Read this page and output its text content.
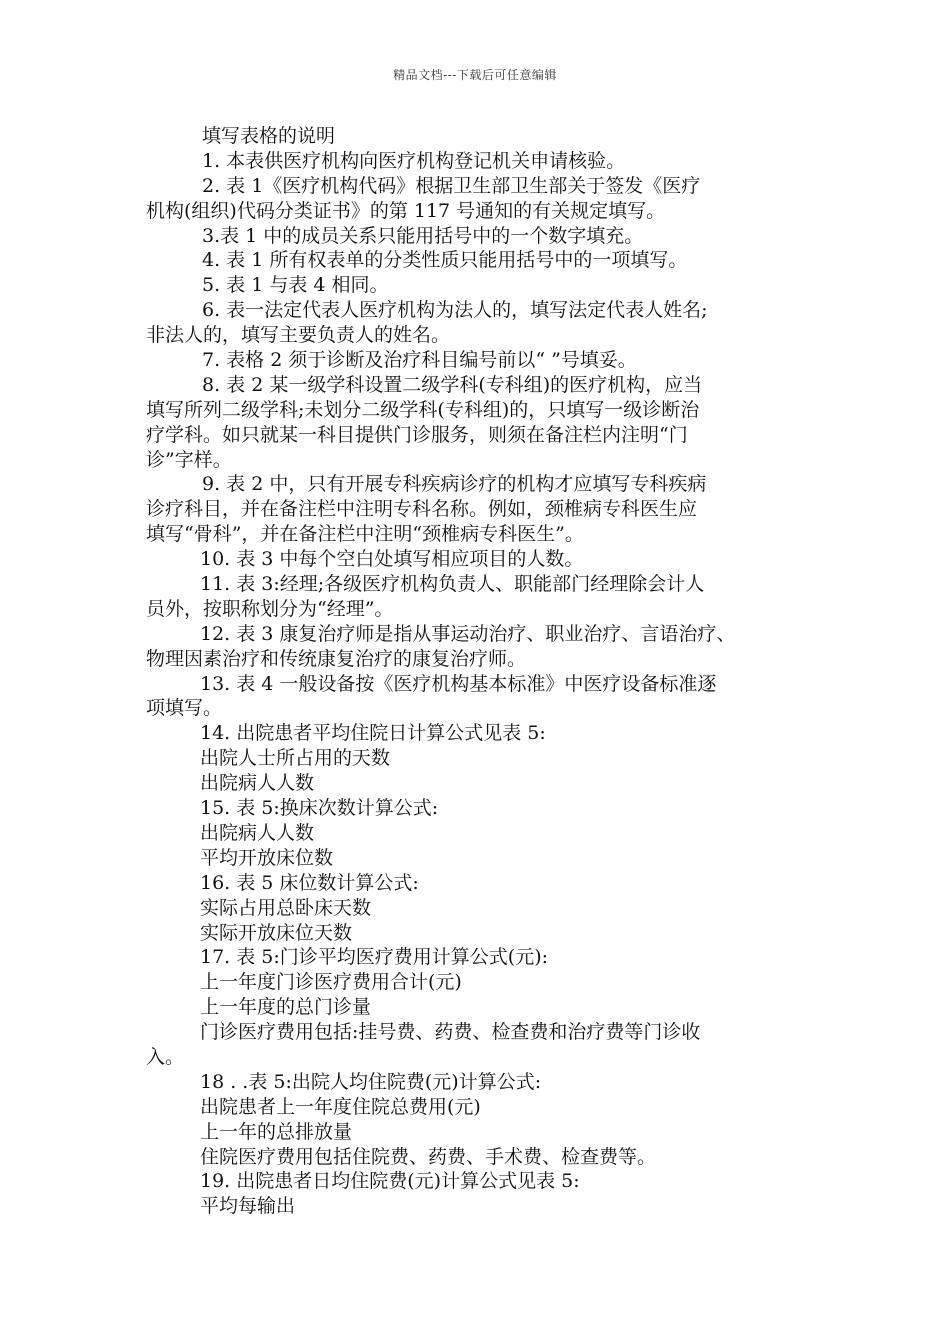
精品文档---下载后可任意编辑
填写表格的说明
1. 本表供医疗机构向医疗机构登记机关申请核验。
2. 表 1《医疗机构代码》根据卫生部卫生部关于签发《医疗
机构(组织)代码分类证书》的第 117 号通知的有关规定填写。
3.表 1 中的成员关系只能用括号中的一个数字填充。
4. 表 1 所有权表单的分类性质只能用括号中的一项填写。
5. 表 1 与表 4 相同。
6. 表一法定代表人医疗机构为法人的，填写法定代表人姓名;
非法人的，填写主要负责人的姓名。
7. 表格 2 须于诊断及治疗科目编号前以“ ”号填妥。
8. 表 2 某一级学科设置二级学科(专科组)的医疗机构，应当
填写所列二级学科;未划分二级学科(专科组)的，只填写一级诊断治
疗学科。如只就某一科目提供门诊服务，则须在备注栏内注明“门
诊”字样。
9. 表 2 中，只有开展专科疾病诊疗的机构才应填写专科疾病
诊疗科目，并在备注栏中注明专科名称。例如，颈椎病专科医生应
填写“骨科”，并在备注栏中注明“颈椎病专科医生”。
10. 表 3 中每个空白处填写相应项目的人数。
11. 表 3:经理;各级医疗机构负责人、职能部门经理除会计人
员外，按职称划分为“经理”。
12. 表 3 康复治疗师是指从事运动治疗、职业治疗、言语治疗、
物理因素治疗和传统康复治疗的康复治疗师。
13. 表 4 一般设备按《医疗机构基本标准》中医疗设备标准逐
项填写。
14. 出院患者平均住院日计算公式见表 5:
出院人士所占用的天数
出院病人人数
15. 表 5:换床次数计算公式:
出院病人人数
平均开放床位数
16. 表 5 床位数计算公式:
实际占用总卧床天数
实际开放床位天数
17. 表 5:门诊平均医疗费用计算公式(元):
上一年度门诊医疗费用合计(元)
上一年度的总门诊量
门诊医疗费用包括:挂号费、药费、检查费和治疗费等门诊收
入。
18 . .表 5:出院人均住院费(元)计算公式:
出院患者上一年度住院总费用(元)
上一年的总排放量
住院医疗费用包括住院费、药费、手术费、检查费等。
19. 出院患者日均住院费(元)计算公式见表 5:
平均每输出
